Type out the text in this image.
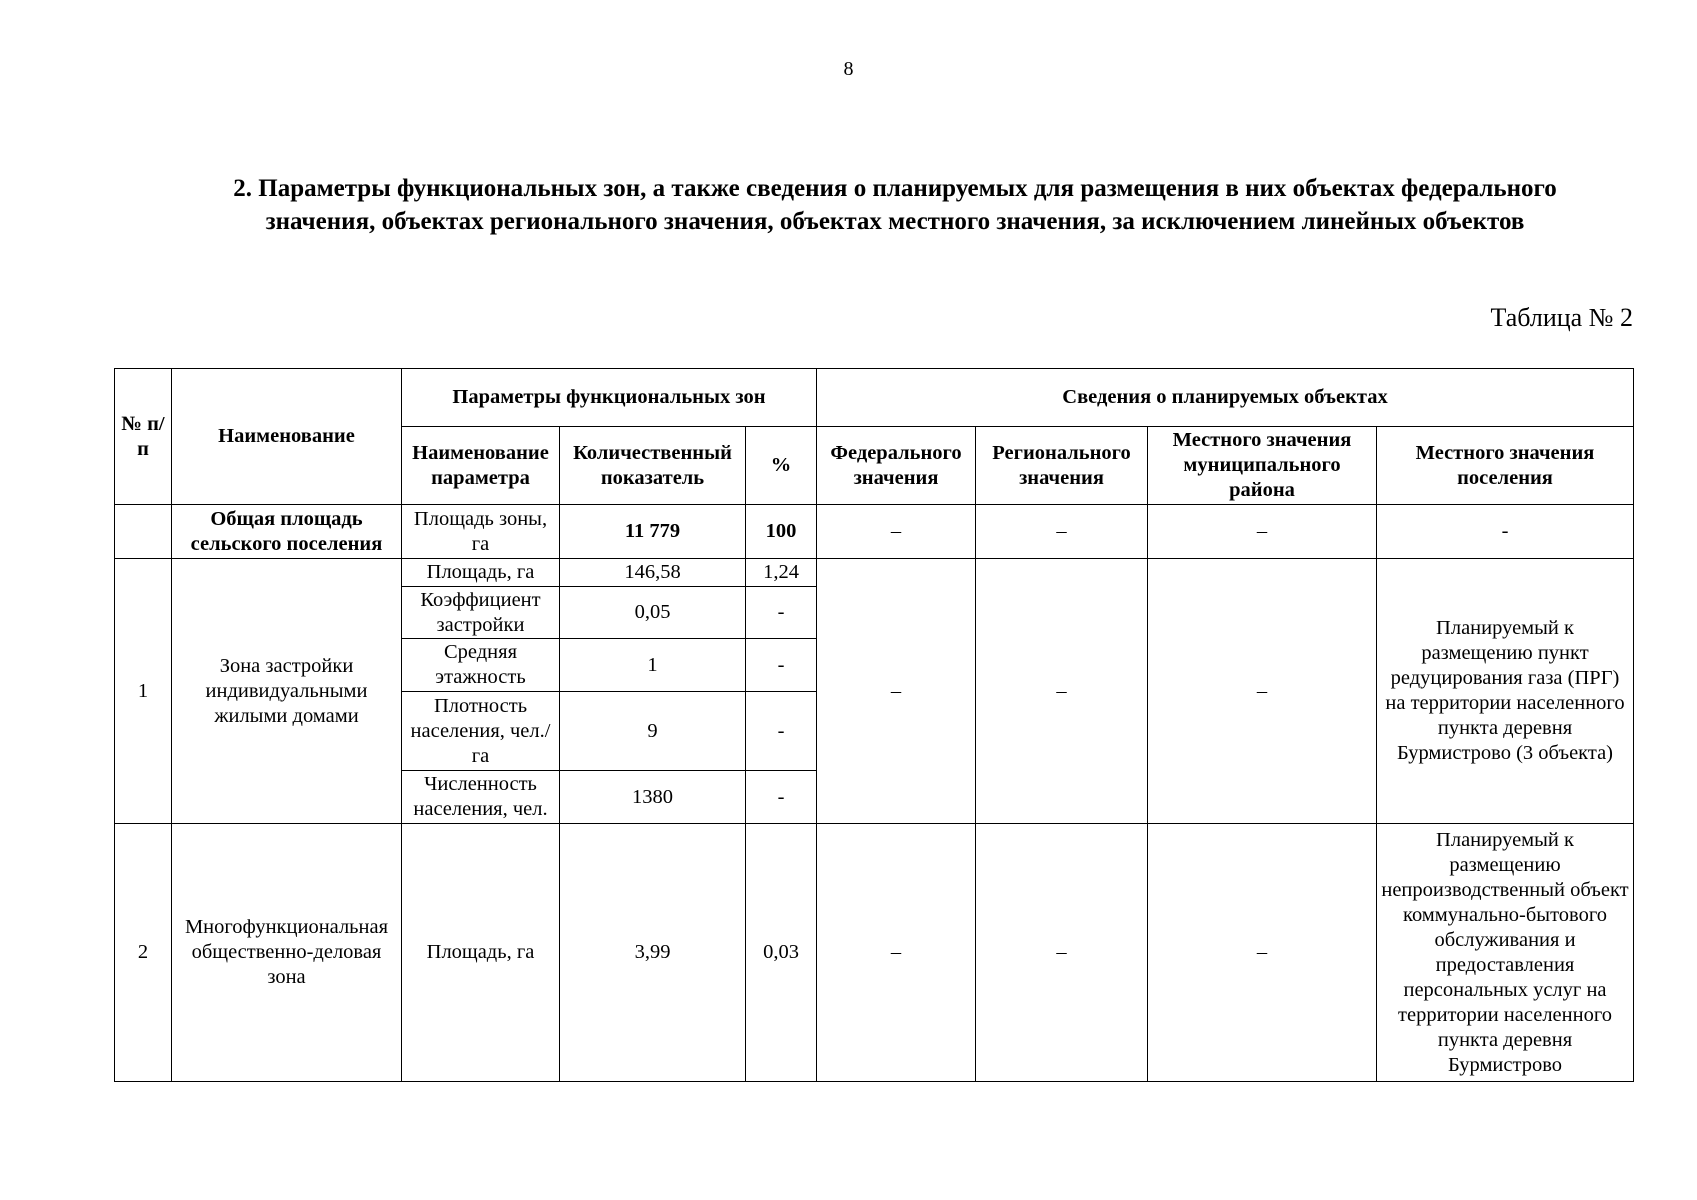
8
2. Параметры функциональных зон, а также сведения о планируемых для размещения в них объектах федерального значения, объектах регионального значения, объектах местного значения, за исключением линейных объектов
Таблица № 2
№ п/п	Наименование	Параметры функциональных зон			Сведения о планируемых объектах			
		Наименование параметра	Количественный показатель	%	Федерального значения	Регионального значения	Местного значения муниципального района	Местного значения поселения
	Общая площадь сельского поселения	Площадь зоны, га	11 779	100	–	–	–	-
1	Зона застройки индивидуальными жилыми домами	Площадь, га	146,58	1,24	–	–	–	Планируемый к размещению пункт редуцирования газа (ПРГ) на территории населенного пункта деревня Бурмистрово (3 объекта)
		Коэффициент застройки	0,05	-				
		Средняя этажность	1	-				
		Плотность населения, чел./га	9	-				
		Численность населения, чел.	1380	-				
2	Многофункциональная общественно-деловая зона	Площадь, га	3,99	0,03	–	–	–	Планируемый к размещению непроизводственный объект коммунально-бытового обслуживания и предоставления персональных услуг на территории населенного пункта деревня Бурмистрово
